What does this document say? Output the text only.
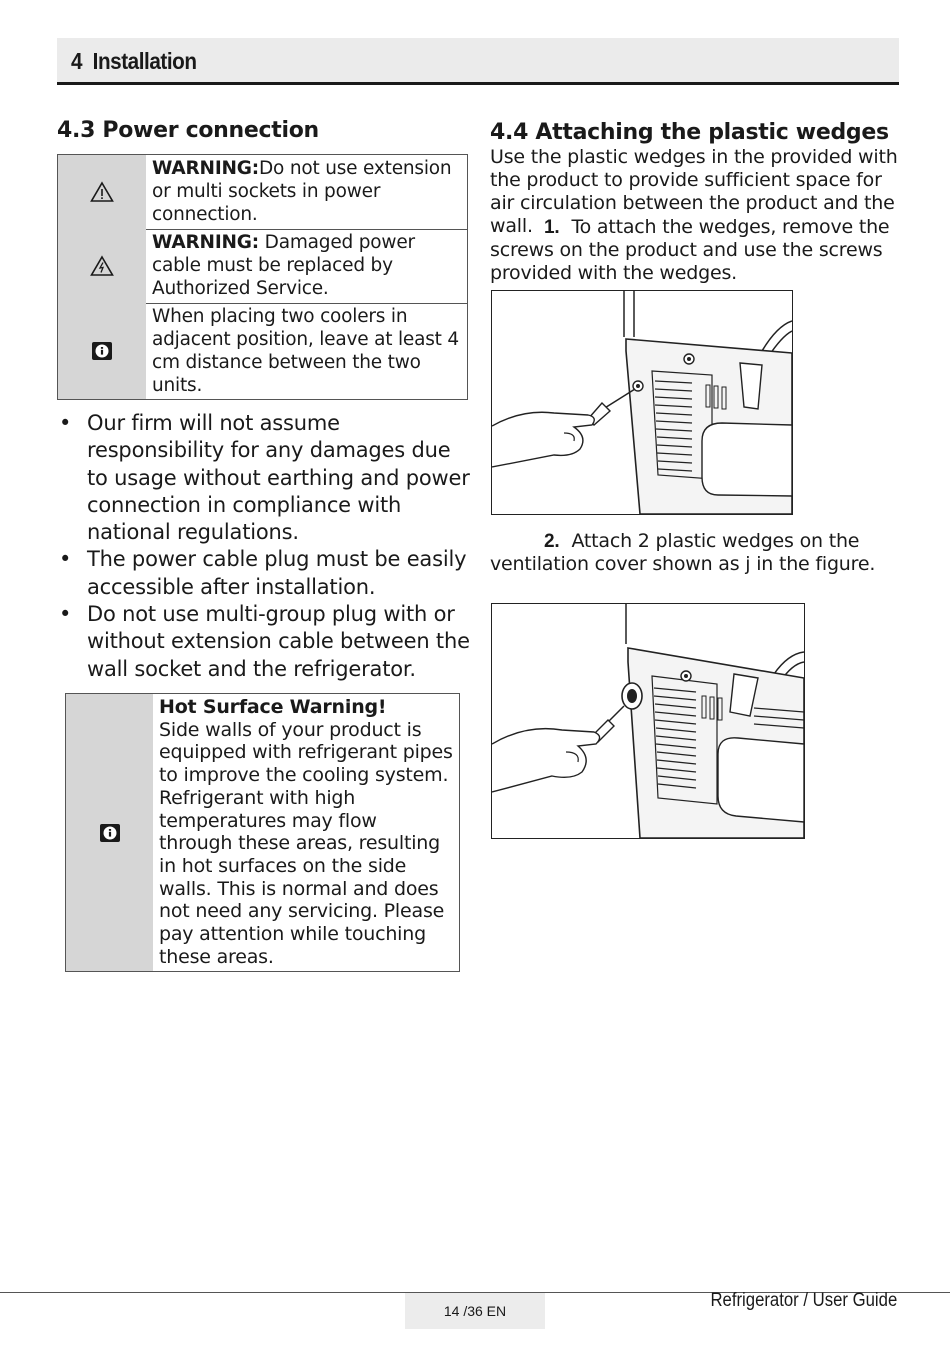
4 Installation
4.3 Power connection
WARNING:Do not use extension or multi sockets in power connection.
WARNING: Damaged power cable must be replaced by Authorized Service.
When placing two coolers in adjacent position, leave at least 4 cm distance between the two units.
• Our firm will not assume responsibility for any damages due to usage without earthing and power connection in compliance with national regulations.
• The power cable plug must be easily accessible after installation.
• Do not use multi-group plug with or without extension cable between the wall socket and the refrigerator.
Hot Surface Warning!
Side walls of your product is equipped with refrigerant pipes to improve the cooling system. Refrigerant with high temperatures may flow through these areas, resulting in hot surfaces on the side walls. This is normal and does not need any servicing. Please pay attention while touching these areas.
4.4 Attaching the plastic wedges
Use the plastic wedges in the provided with the product to provide sufficient space for air circulation between the product and the wall. 1. To attach the wedges, remove the screws on the product and use the screws provided with the wedges.
2. Attach 2 plastic wedges on the ventilation cover shown as j in the figure.
14 /36 EN	Refrigerator / User Guide
